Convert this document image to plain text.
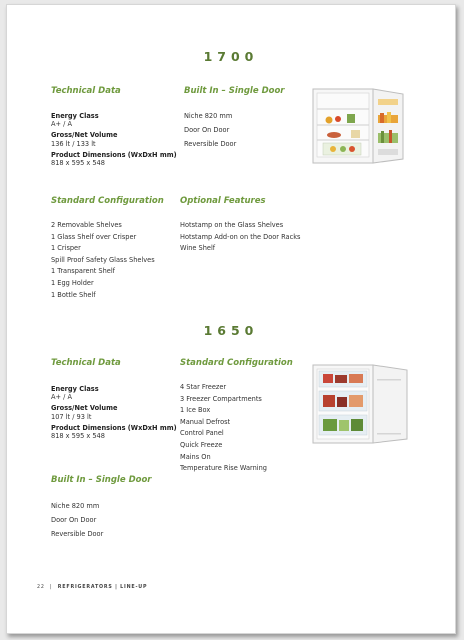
1700
Technical Data
Energy Class
A+ / A
Gross/Net Volume
136 lt / 133 lt
Product Dimensions (WxDxH mm)
818 x 595 x 548
Built In – Single Door
Niche 820 mm
Door On Door
Reversible Door
Standard Configuration
2 Removable Shelves
1 Glass Shelf over Crisper
1 Crisper
Spill Proof Safety Glass Shelves
1 Transparent Shelf
1 Egg Holder
1 Bottle Shelf
Optional Features
Hotstamp on the Glass Shelves
Hotstamp Add-on on the Door Racks
Wine Shelf
1650
Technical Data
Energy Class
A+ / A
Gross/Net Volume
107 lt / 93 lt
Product Dimensions (WxDxH mm)
818 x 595 x 548
Standard Configuration
4 Star Freezer
3 Freezer Compartments
1 Ice Box
Manual Defrost
Control Panel
Quick Freeze
Mains On
Temperature Rise Warning
Built In – Single Door
Niche 820 mm
Door On Door
Reversible Door
22 | REFRIGERATORS | LINE-UP
